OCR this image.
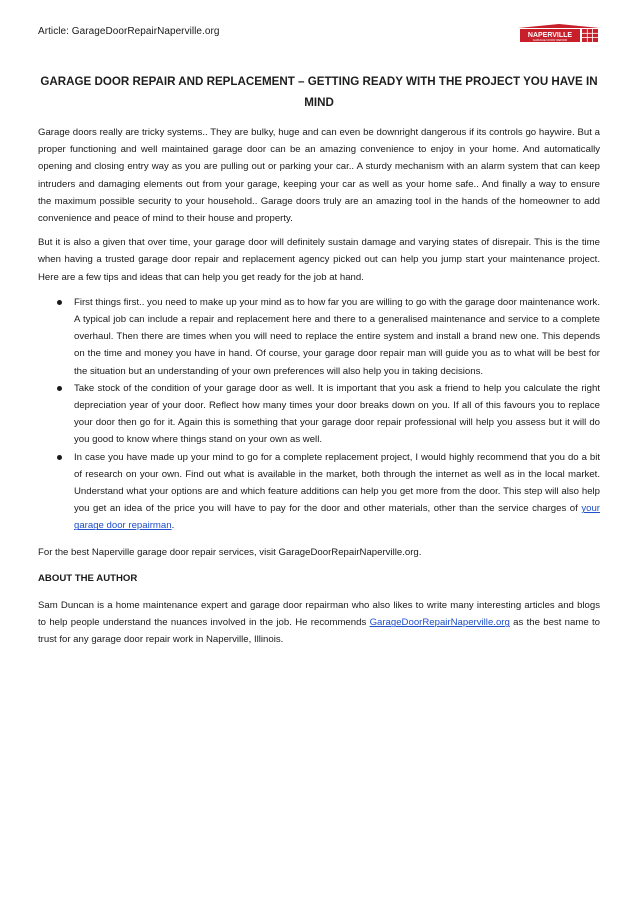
Article: GarageDoorRepairNaperville.org	NAPERVILLE
GARAGE DOOR REPAIR
GARAGE DOOR REPAIR AND REPLACEMENT – GETTING READY WITH THE PROJECT YOU HAVE IN MIND

Garage doors really are tricky systems.. They are bulky, huge and can even be downright dangerous if its controls go haywire. But a proper functioning and well maintained garage door can be an amazing convenience to enjoy in your home. And automatically opening and closing entry way as you are pulling out or parking your car.. A sturdy mechanism with an alarm system that can keep intruders and damaging elements out from your garage, keeping your car as well as your home safe.. And finally a way to ensure the maximum possible security to your household.. Garage doors truly are an amazing tool in the hands of the homeowner to add convenience and peace of mind to their house and property.

But it is also a given that over time, your garage door will definitely sustain damage and varying states of disrepair. This is the time when having a trusted garage door repair and replacement agency picked out can help you jump start your maintenance project. Here are a few tips and ideas that can help you get ready for the job at hand.

First things first.. you need to make up your mind as to how far you are willing to go with the garage door maintenance work. A typical job can include a repair and replacement here and there to a generalised maintenance and service to a complete overhaul. Then there are times when you will need to replace the entire system and install a brand new one. This depends on the time and money you have in hand. Of course, your garage door repair man will guide you as to what will be best for the situation but an understanding of your own preferences will also help you in taking decisions.
Take stock of the condition of your garage door as well. It is important that you ask a friend to help you calculate the right depreciation year of your door. Reflect how many times your door breaks down on you. If all of this favours you to replace your door then go for it. Again this is something that your garage door repair professional will help you assess but it will do you good to know where things stand on your own as well.
In case you have made up your mind to go for a complete replacement project, I would highly recommend that you do a bit of research on your own. Find out what is available in the market, both through the internet as well as in the local market. Understand what your options are and which feature additions can help you get more from the door. This step will also help you get an idea of the price you will have to pay for the door and other materials, other than the service charges of your garage door repairman.

For the best Naperville garage door repair services, visit GarageDoorRepairNaperville.org.

ABOUT THE AUTHOR

Sam Duncan is a home maintenance expert and garage door repairman who also likes to write many interesting articles and blogs to help people understand the nuances involved in the job. He recommends GarageDoorRepairNaperville.org as the best name to trust for any garage door repair work in Naperville, Illinois.
